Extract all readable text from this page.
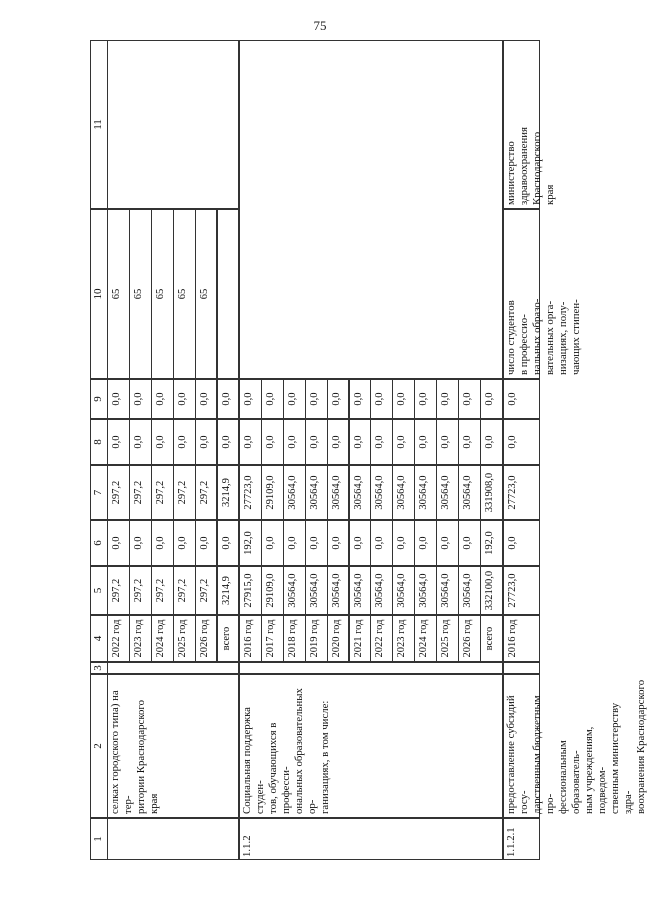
75
1
2
3
4
5
6
7
8
9
10
11
селках городского типа) на тер-
ритории Краснодарского края
2022 год
297,2
0,0
297,2
0,0
0,0
65
2023 год
297,2
0,0
297,2
0,0
0,0
65
2024 год
297,2
0,0
297,2
0,0
0,0
65
2025 год
297,2
0,0
297,2
0,0
0,0
65
2026 год
297,2
0,0
297,2
0,0
0,0
65
всего
3214,9
0,0
3214,9
0,0
0,0
1.1.2
Социальная поддержка студен-
тов, обучающихся в професси-
ональных образовательных ор-
ганизациях, в том числе:
2016 год
27915,0
192,0
27723,0
0,0
0,0
2017 год
29109,0
0,0
29109,0
0,0
0,0
2018 год
30564,0
0,0
30564,0
0,0
0,0
2019 год
30564,0
0,0
30564,0
0,0
0,0
2020 год
30564,0
0,0
30564,0
0,0
0,0
2021 год
30564,0
0,0
30564,0
0,0
0,0
2022 год
30564,0
0,0
30564,0
0,0
0,0
2023 год
30564,0
0,0
30564,0
0,0
0,0
2024 год
30564,0
0,0
30564,0
0,0
0,0
2025 год
30564,0
0,0
30564,0
0,0
0,0
2026 год
30564,0
0,0
30564,0
0,0
0,0
всего
332100,0
192,0
331908,0
0,0
0,0
1.1.2.1
предоставление субсидий госу-
дарственным бюджетным про-
фессиональным образователь-
ным учреждениям, подведом-
ственным министерству здра-
воохранения Краснодарского
2016 год
27723,0
0,0
27723,0
0,0
0,0
число студентов
в профессио-
нальных образо-
вательных орга-
низациях, полу-
чающих стипен-
министерство
здравоохранения
Краснодарского
края
